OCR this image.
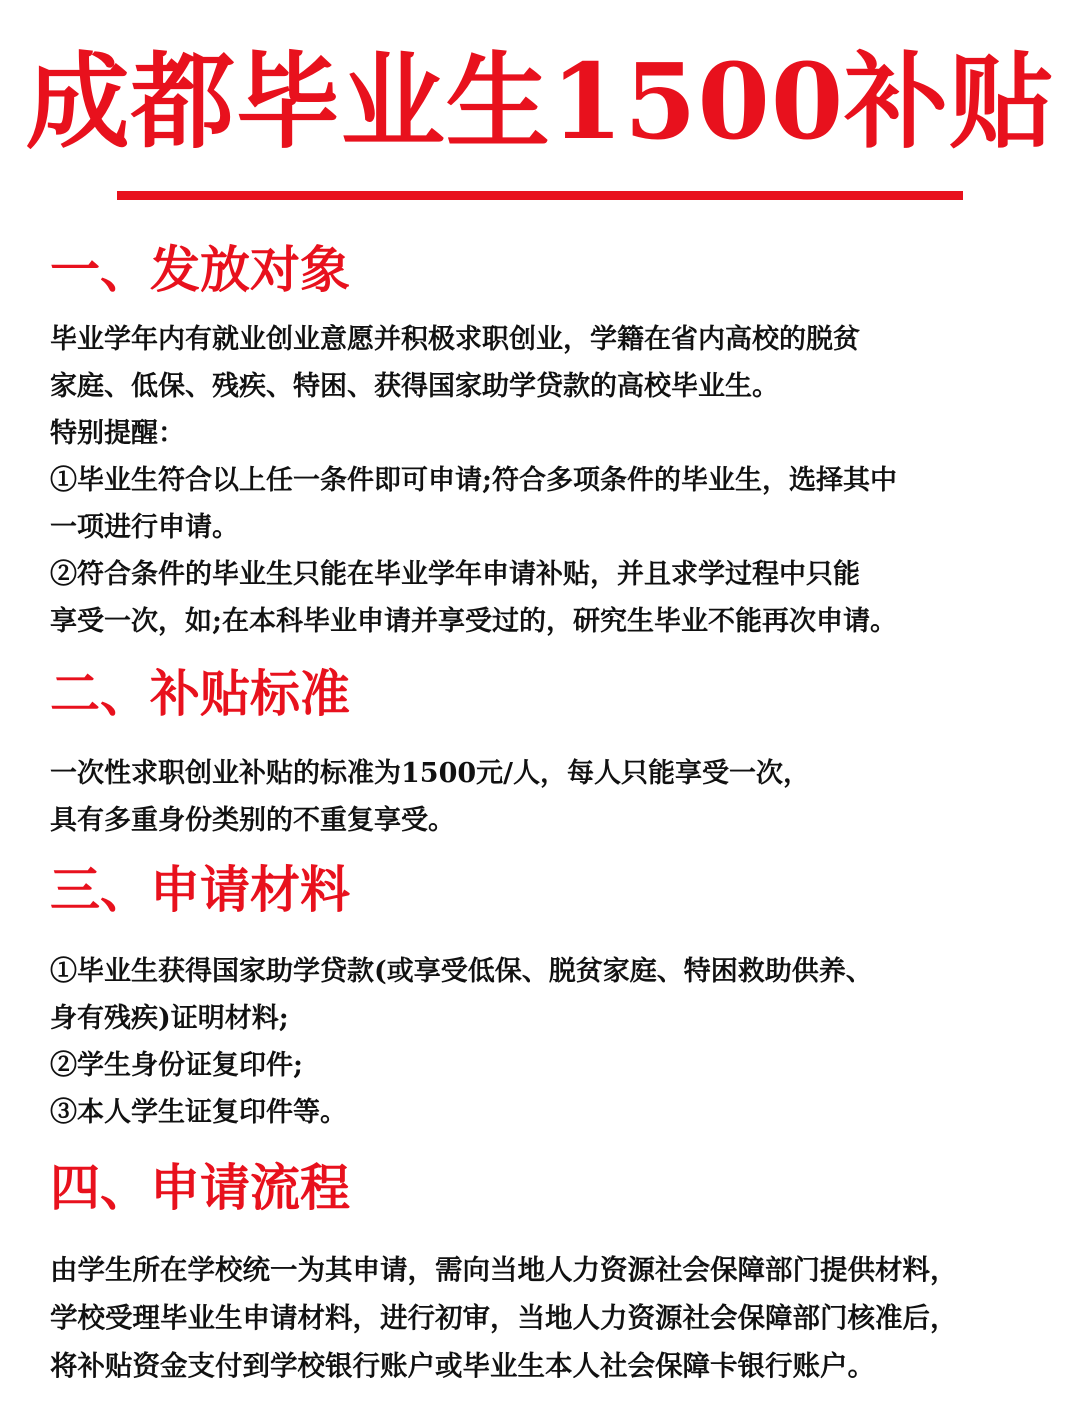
成都毕业生1500补贴
一、发放对象
毕业学年内有就业创业意愿并积极求职创业，学籍在省内高校的脱贫
家庭、低保、残疾、特困、获得国家助学贷款的高校毕业生。
特别提醒：
①毕业生符合以上任一条件即可申请;符合多项条件的毕业生，选择其中
一项进行申请。
②符合条件的毕业生只能在毕业学年申请补贴，并且求学过程中只能
享受一次，如;在本科毕业申请并享受过的，研究生毕业不能再次申请。
二、补贴标准
一次性求职创业补贴的标准为1500元/人，每人只能享受一次，
具有多重身份类别的不重复享受。
三、申请材料
①毕业生获得国家助学贷款(或享受低保、脱贫家庭、特困救助供养、
身有残疾)证明材料;
②学生身份证复印件;
③本人学生证复印件等。
四、申请流程
由学生所在学校统一为其申请，需向当地人力资源社会保障部门提供材料，
学校受理毕业生申请材料，进行初审，当地人力资源社会保障部门核准后，
将补贴资金支付到学校银行账户或毕业生本人社会保障卡银行账户。
